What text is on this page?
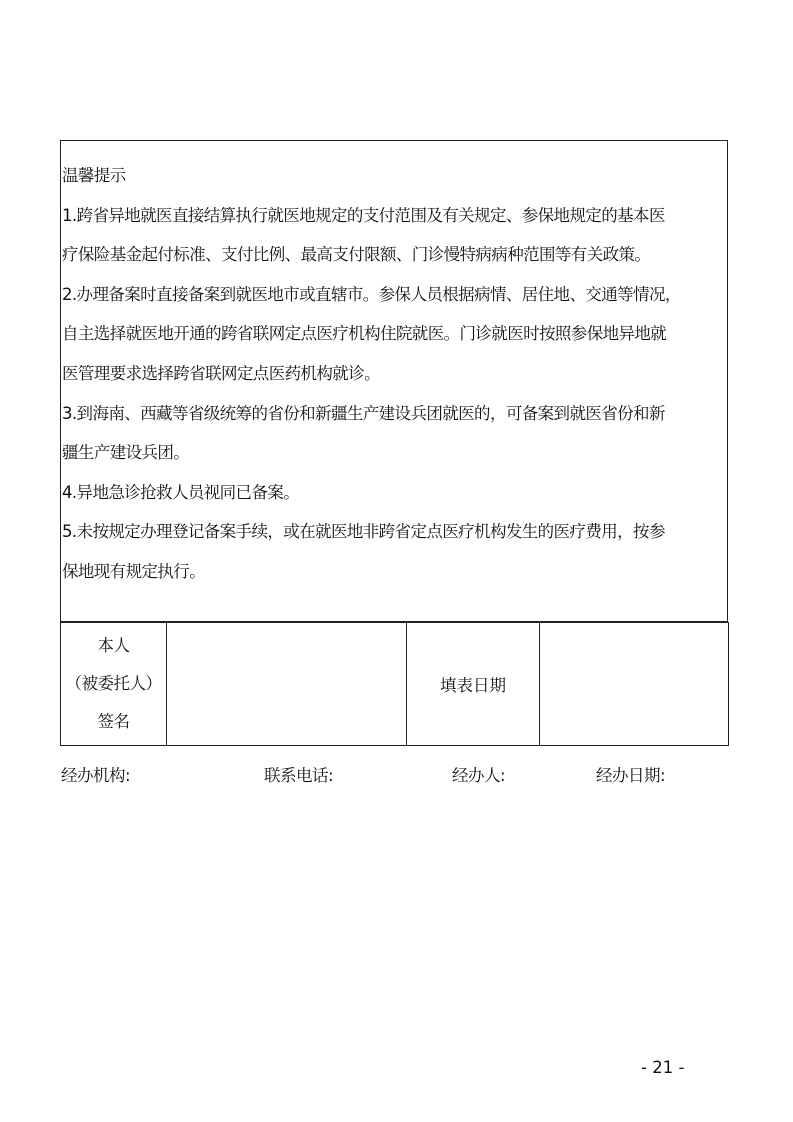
温馨提示

1.跨省异地就医直接结算执行就医地规定的支付范围及有关规定、参保地规定的基本医

疗保险基金起付标准、支付比例、最高支付限额、门诊慢特病病种范围等有关政策。

2.办理备案时直接备案到就医地市或直辖市。参保人员根据病情、居住地、交通等情况，

自主选择就医地开通的跨省联网定点医疗机构住院就医。门诊就医时按照参保地异地就

医管理要求选择跨省联网定点医药机构就诊。

3.到海南、西藏等省级统筹的省份和新疆生产建设兵团就医的，可备案到就医省份和新

疆生产建设兵团。

4.异地急诊抢救人员视同已备案。

5.未按规定办理登记备案手续，或在就医地非跨省定点医疗机构发生的医疗费用，按参

保地现有规定执行。

本人
（被委托人）
签名
		填表日期	
经办机构:	联系电话:	经办人:	经办日期:
- 21 -
